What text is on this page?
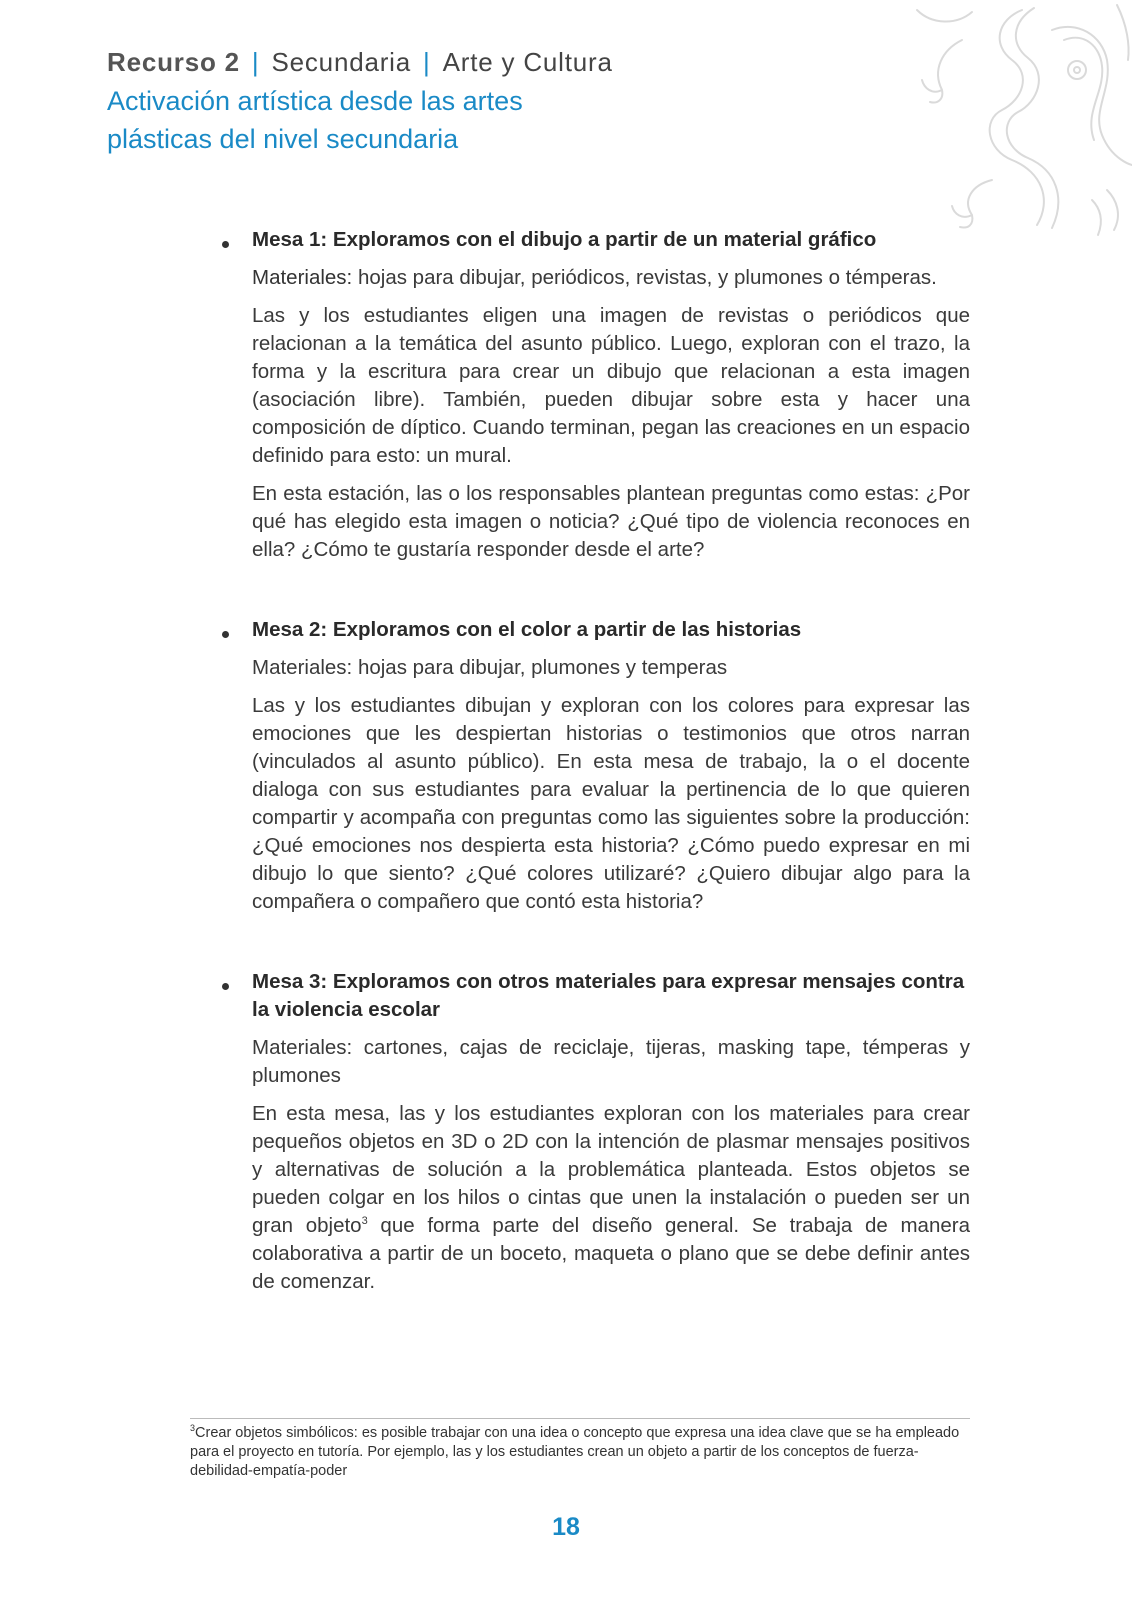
Recurso 2 | Secundaria | Arte y Cultura
Activación artística desde las artes
plásticas del nivel secundaria

Mesa 1: Exploramos con el dibujo a partir de un material gráfico

Materiales: hojas para dibujar, periódicos, revistas, y plumones o témperas.

Las y los estudiantes eligen una imagen de revistas o periódicos que relacionan a la temática del asunto público. Luego, exploran con el trazo, la forma y la escritura para crear un dibujo que relacionan a esta imagen (asociación libre). También, pueden dibujar sobre esta y hacer una composición de díptico. Cuando terminan, pegan las creaciones en un espacio definido para esto: un mural.

En esta estación, las o los responsables plantean preguntas como estas: ¿Por qué has elegido esta imagen o noticia? ¿Qué tipo de violencia reconoces en ella? ¿Cómo te gustaría responder desde el arte?

Mesa 2: Exploramos con el color a partir de las historias

Materiales: hojas para dibujar, plumones y temperas

Las y los estudiantes dibujan y exploran con los colores para expresar las emociones que les despiertan historias o testimonios que otros narran (vinculados al asunto público). En esta mesa de trabajo, la o el docente dialoga con sus estudiantes para evaluar la pertinencia de lo que quieren compartir y acompaña con preguntas como las siguientes sobre la producción: ¿Qué emociones nos despierta esta historia? ¿Cómo puedo expresar en mi dibujo lo que siento? ¿Qué colores utilizaré? ¿Quiero dibujar algo para la compañera o compañero que contó esta historia?

Mesa 3: Exploramos con otros materiales para expresar mensajes contra la violencia escolar

Materiales: cartones, cajas de reciclaje, tijeras, masking tape, témperas y plumones

En esta mesa, las y los estudiantes exploran con los materiales para crear pequeños objetos en 3D o 2D con la intención de plasmar mensajes positivos y alternativas de solución a la problemática planteada. Estos objetos se pueden colgar en los hilos o cintas que unen la instalación o pueden ser un gran objeto$^3$ que forma parte del diseño general. Se trabaja de manera colaborativa a partir de un boceto, maqueta o plano que se debe definir antes de comenzar.

$^3$Crear objetos simbólicos: es posible trabajar con una idea o concepto que expresa una idea clave que se ha empleado para el proyecto en tutoría. Por ejemplo, las y los estudiantes crean un objeto a partir de los conceptos de fuerza-debilidad-empatía-poder
18
